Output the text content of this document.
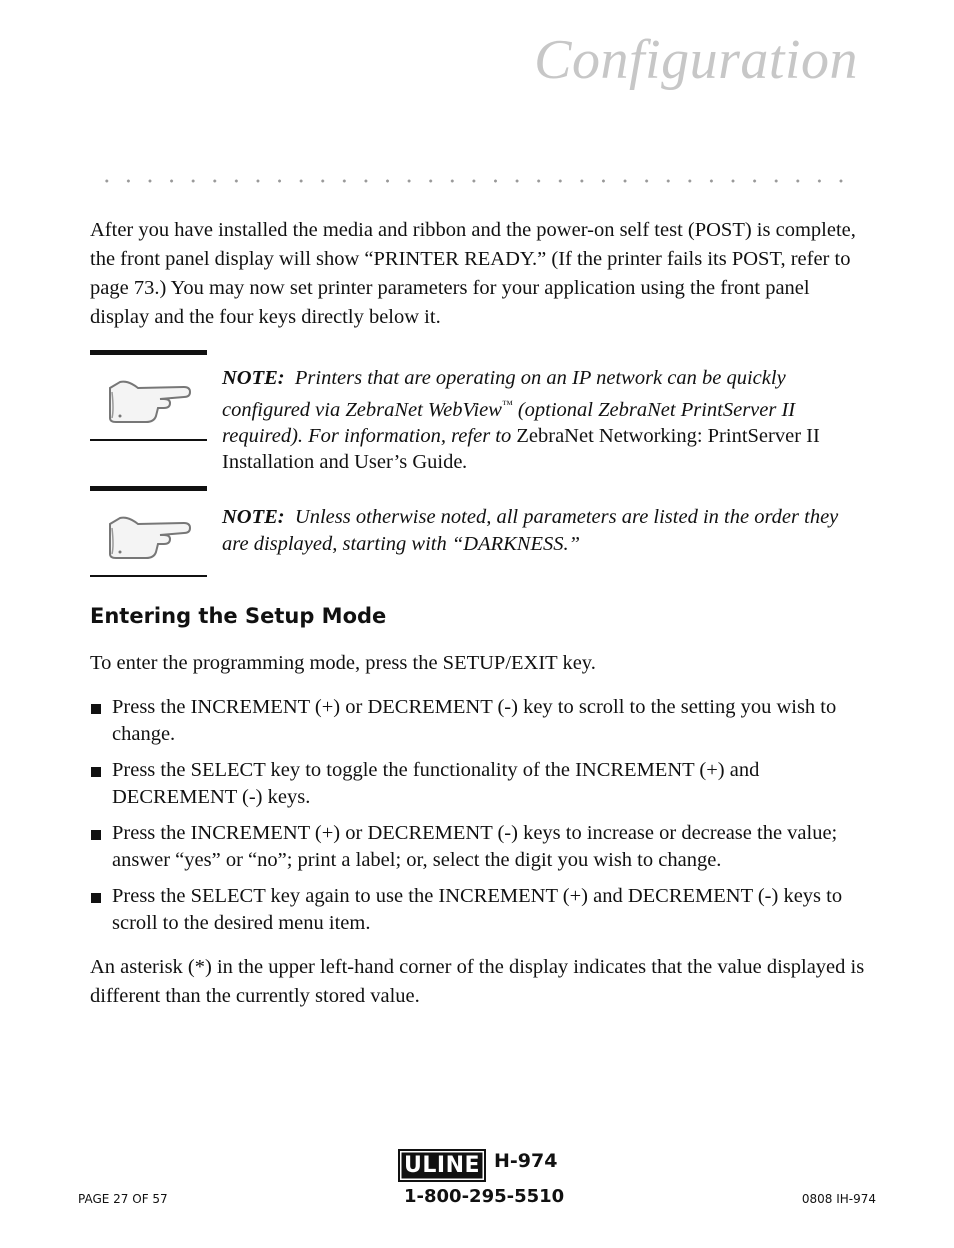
Configuration

After you have installed the media and ribbon and the power-on self test (POST) is complete, the front panel display will show “PRINTER READY.” (If the printer fails its POST, refer to page 73.) You may now set printer parameters for your application using the front panel display and the four keys directly below it.

NOTE: Printers that are operating on an IP network can be quickly configured via ZebraNet WebView™ (optional ZebraNet PrintServer II required). For information, refer to ZebraNet Networking: PrintServer II Installation and User’s Guide.

NOTE: Unless otherwise noted, all parameters are listed in the order they are displayed, starting with “DARKNESS.”

Entering the Setup Mode

To enter the programming mode, press the SETUP/EXIT key.

Press the INCREMENT (+) or DECREMENT (-) key to scroll to the setting you wish to change.
Press the SELECT key to toggle the functionality of the INCREMENT (+) and DECREMENT (-) keys.
Press the INCREMENT (+) or DECREMENT (-) keys to increase or decrease the value; answer “yes” or “no”; print a label; or, select the digit you wish to change.
Press the SELECT key again to use the INCREMENT (+) and DECREMENT (-) keys to scroll to the desired menu item.

An asterisk (*) in the upper left-hand corner of the display indicates that the value displayed is different than the currently stored value.

ULINE H-974
1-800-295-5510
PAGE 27 OF 57	0808 IH-974
